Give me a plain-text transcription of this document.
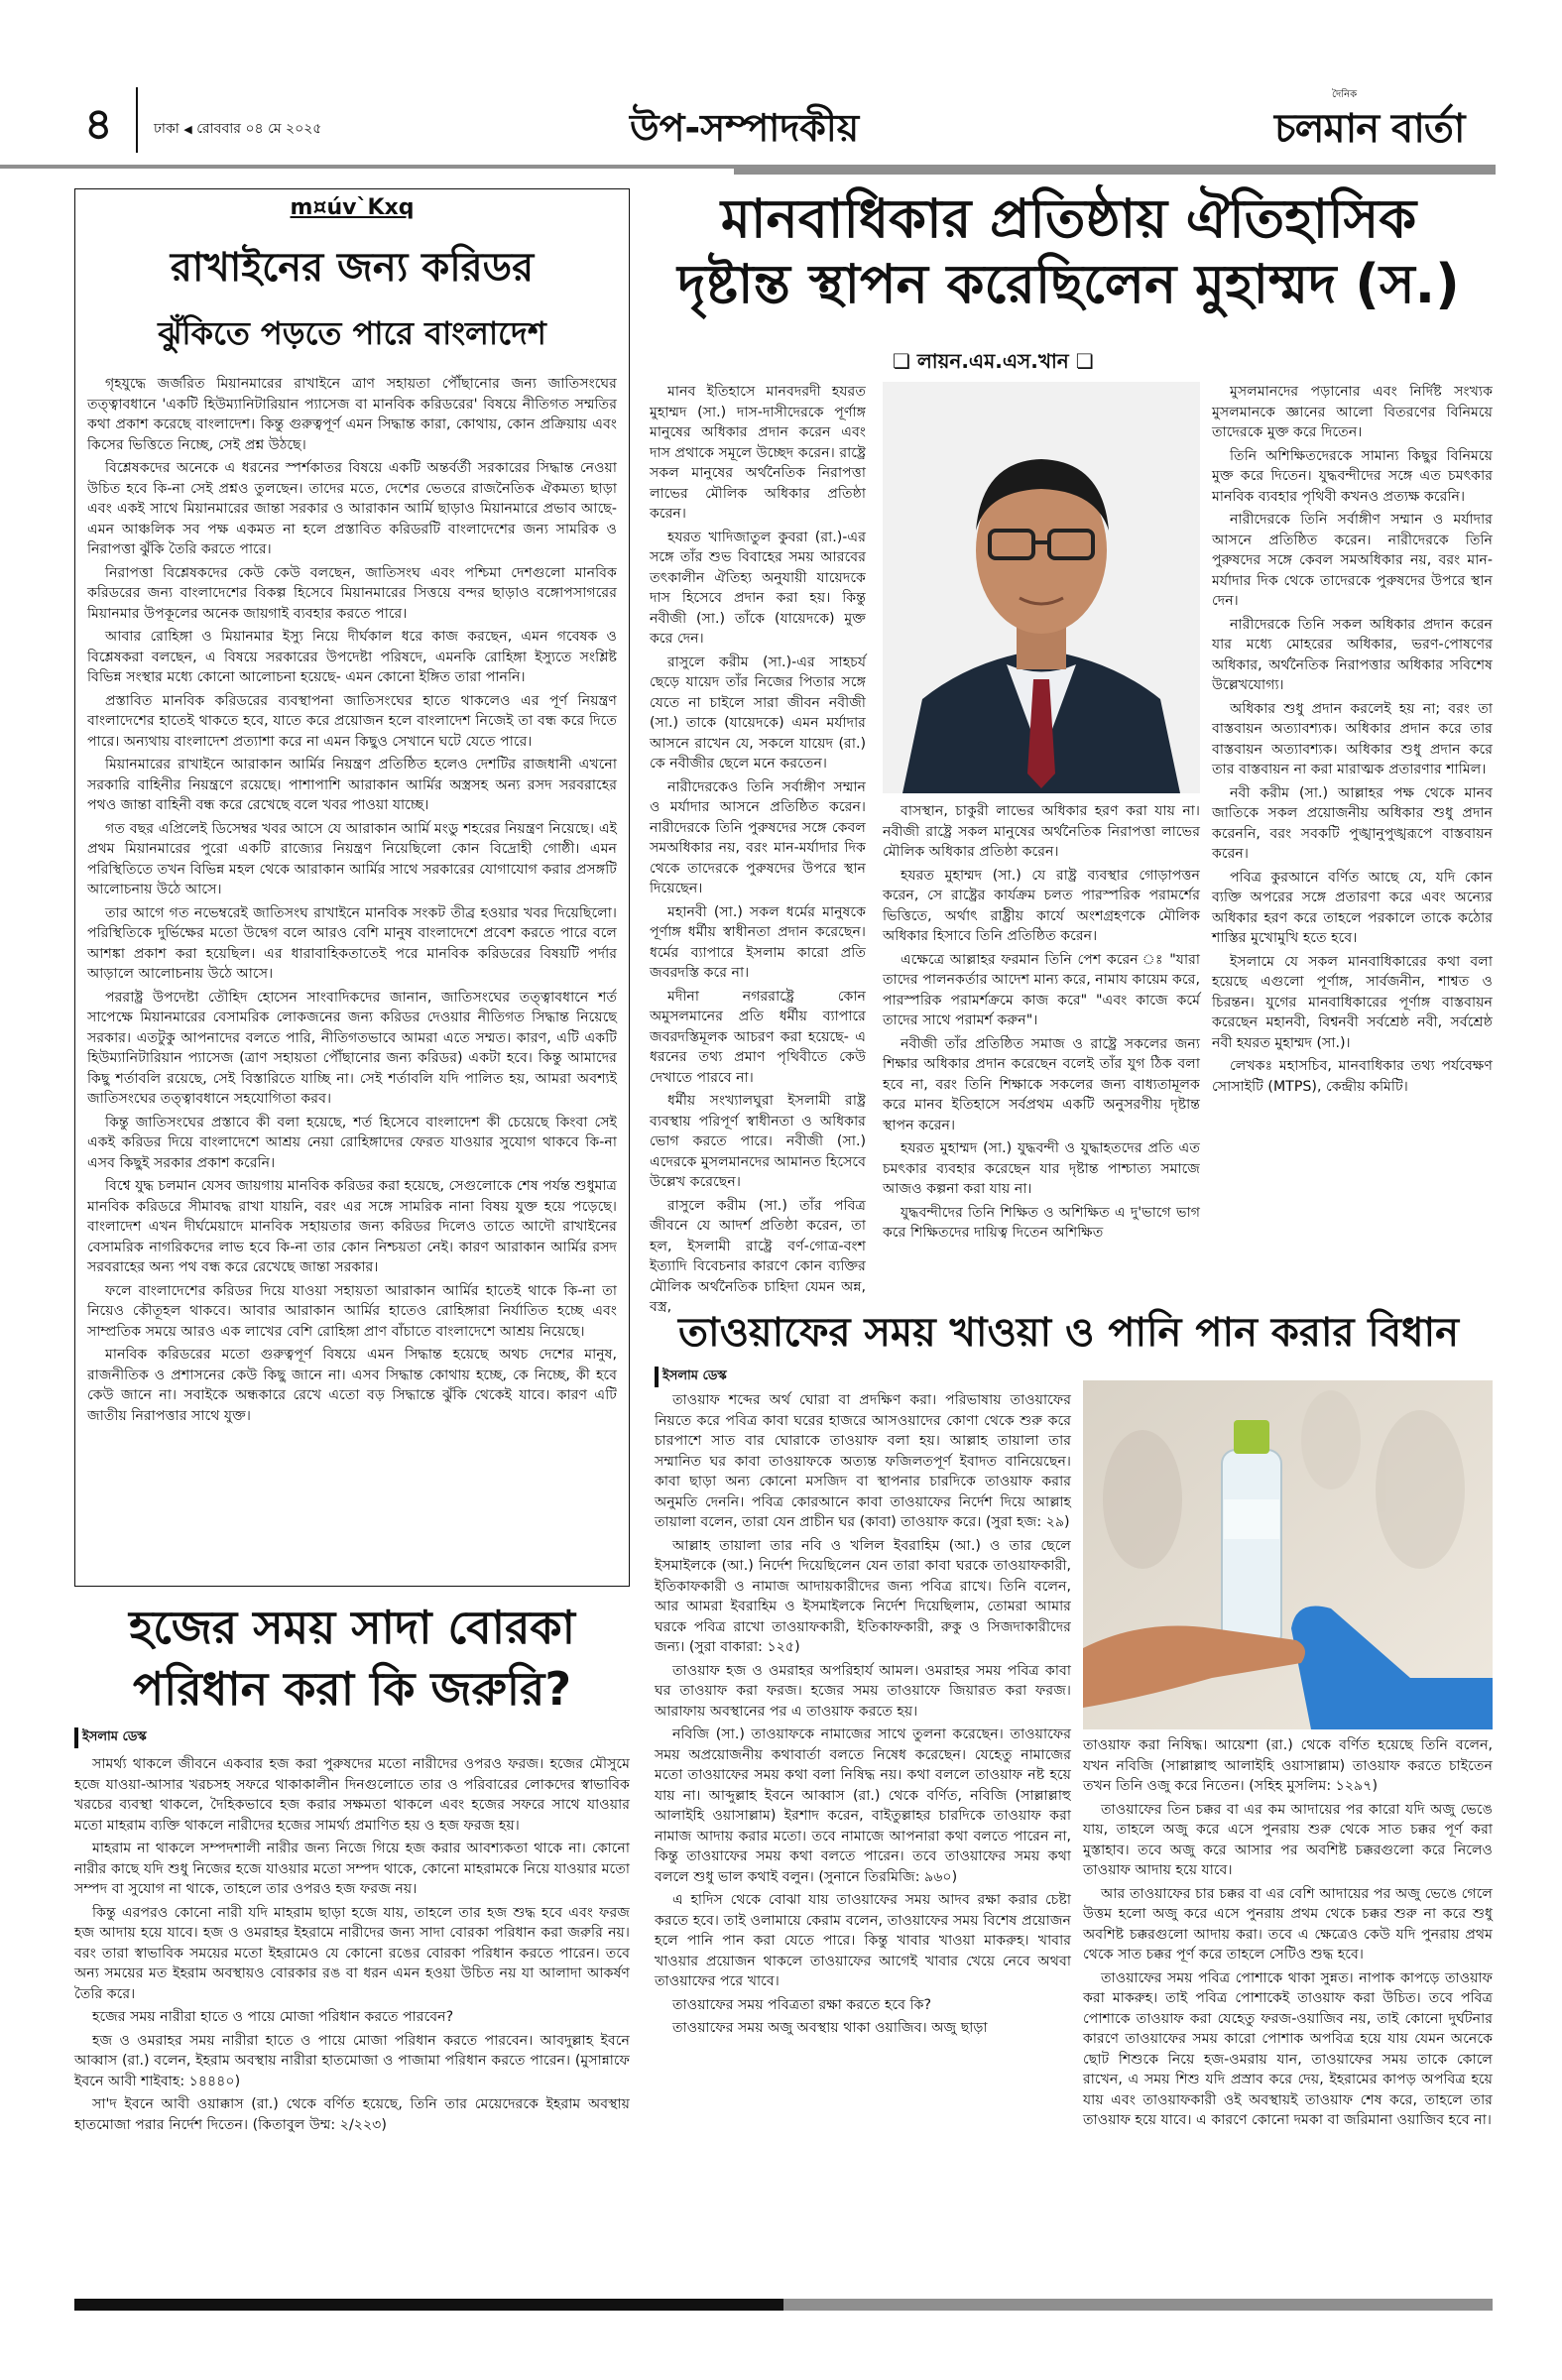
৪	ঢাকা ◀ রোববার ০৪ মে ২০২৫	উপ-সম্পাদকীয়
দৈনিক
চলমান বার্তা
m¤úv`Kxq
রাখাইনের জন্য করিডর
ঝুঁকিতে পড়তে পারে বাংলাদেশ

গৃহযুদ্ধে জর্জরিত মিয়ানমারের রাখাইনে ত্রাণ সহায়তা পৌঁছানোর জন্য জাতিসংঘের তত্ত্বাবধানে 'একটি হিউম্যানিটারিয়ান প্যাসেজ বা মানবিক করিডরের' বিষয়ে নীতিগত সম্মতির কথা প্রকাশ করেছে বাংলাদেশ। কিন্তু গুরুত্বপূর্ণ এমন সিদ্ধান্ত কারা, কোথায়, কোন প্রক্রিয়ায় এবং কিসের ভিত্তিতে নিচ্ছে, সেই প্রশ্ন উঠছে।

বিশ্লেষকদের অনেকে এ ধরনের স্পর্শকাতর বিষয়ে একটি অন্তর্বর্তী সরকারের সিদ্ধান্ত নেওয়া উচিত হবে কি-না সেই প্রশ্নও তুলছেন। তাদের মতে, দেশের ভেতরে রাজনৈতিক ঐকমত্য ছাড়া এবং একই সাথে মিয়ানমারের জান্তা সরকার ও আরাকান আর্মি ছাড়াও মিয়ানমারে প্রভাব আছে- এমন আঞ্চলিক সব পক্ষ একমত না হলে প্রস্তাবিত করিডরটি বাংলাদেশের জন্য সামরিক ও নিরাপত্তা ঝুঁকি তৈরি করতে পারে।

নিরাপত্তা বিশ্লেষকদের কেউ কেউ বলছেন, জাতিসংঘ এবং পশ্চিমা দেশগুলো মানবিক করিডরের জন্য বাংলাদেশের বিকল্প হিসেবে মিয়ানমারের সিত্তয়ে বন্দর ছাড়াও বঙ্গোপসাগরের মিয়ানমার উপকূলের অনেক জায়গাই ব্যবহার করতে পারে।

আবার রোহিঙ্গা ও মিয়ানমার ইস্যু নিয়ে দীর্ঘকাল ধরে কাজ করছেন, এমন গবেষক ও বিশ্লেষকরা বলছেন, এ বিষয়ে সরকারের উপদেষ্টা পরিষদে, এমনকি রোহিঙ্গা ইস্যুতে সংশ্লিষ্ট বিভিন্ন সংস্থার মধ্যে কোনো আলোচনা হয়েছে- এমন কোনো ইঙ্গিত তারা পাননি।

প্রস্তাবিত মানবিক করিডরের ব্যবস্থাপনা জাতিসংঘের হাতে থাকলেও এর পূর্ণ নিয়ন্ত্রণ বাংলাদেশের হাতেই থাকতে হবে, যাতে করে প্রয়োজন হলে বাংলাদেশ নিজেই তা বন্ধ করে দিতে পারে। অন্যথায় বাংলাদেশ প্রত্যাশা করে না এমন কিছুও সেখানে ঘটে যেতে পারে।

মিয়ানমারের রাখাইনে আরাকান আর্মির নিয়ন্ত্রণ প্রতিষ্ঠিত হলেও দেশটির রাজধানী এখনো সরকারি বাহিনীর নিয়ন্ত্রণে রয়েছে। পাশাপাশি আরাকান আর্মির অস্ত্রসহ অন্য রসদ সরবরাহের পথও জান্তা বাহিনী বন্ধ করে রেখেছে বলে খবর পাওয়া যাচ্ছে।

গত বছর এপ্রিলেই ডিসেম্বর খবর আসে যে আরাকান আর্মি মংডু শহরের নিয়ন্ত্রণ নিয়েছে। এই প্রথম মিয়ানমারের পুরো একটি রাজ্যের নিয়ন্ত্রণ নিয়েছিলো কোন বিদ্রোহী গোষ্ঠী। এমন পরিস্থিতিতে তখন বিভিন্ন মহল থেকে আরাকান আর্মির সাথে সরকারের যোগাযোগ করার প্রসঙ্গটি আলোচনায় উঠে আসে।

তার আগে গত নভেম্বরেই জাতিসংঘ রাখাইনে মানবিক সংকট তীব্র হওয়ার খবর দিয়েছিলো। পরিস্থিতিকে দুর্ভিক্ষের মতো উদ্বেগ বলে আরও বেশি মানুষ বাংলাদেশে প্রবেশ করতে পারে বলে আশঙ্কা প্রকাশ করা হয়েছিল। এর ধারাবাহিকতাতেই পরে মানবিক করিডরের বিষয়টি পর্দার আড়ালে আলোচনায় উঠে আসে।

পররাষ্ট্র উপদেষ্টা তৌহিদ হোসেন সাংবাদিকদের জানান, জাতিসংঘের তত্ত্বাবধানে শর্ত সাপেক্ষে মিয়ানমারের বেসামরিক লোকজনের জন্য করিডর দেওয়ার নীতিগত সিদ্ধান্ত নিয়েছে সরকার। এতটুকু আপনাদের বলতে পারি, নীতিগতভাবে আমরা এতে সম্মত। কারণ, এটি একটি হিউম্যানিটারিয়ান প্যাসেজ (ত্রাণ সহায়তা পৌঁছানোর জন্য করিডর) একটা হবে। কিন্তু আমাদের কিছু শর্তাবলি রয়েছে, সেই বিস্তারিতে যাচ্ছি না। সেই শর্তাবলি যদি পালিত হয়, আমরা অবশ্যই জাতিসংঘের তত্ত্বাবধানে সহযোগিতা করব।

কিন্তু জাতিসংঘের প্রস্তাবে কী বলা হয়েছে, শর্ত হিসেবে বাংলাদেশ কী চেয়েছে কিংবা সেই একই করিডর দিয়ে বাংলাদেশে আশ্রয় নেয়া রোহিঙ্গাদের ফেরত যাওয়ার সুযোগ থাকবে কি-না এসব কিছুই সরকার প্রকাশ করেনি।

বিশ্বে যুদ্ধ চলমান যেসব জায়গায় মানবিক করিডর করা হয়েছে, সেগুলোকে শেষ পর্যন্ত শুধুমাত্র মানবিক করিডরে সীমাবদ্ধ রাখা যায়নি, বরং এর সঙ্গে সামরিক নানা বিষয় যুক্ত হয়ে পড়েছে। বাংলাদেশ এখন দীর্ঘমেয়াদে মানবিক সহায়তার জন্য করিডর দিলেও তাতে আদৌ রাখাইনের বেসামরিক নাগরিকদের লাভ হবে কি-না তার কোন নিশ্চয়তা নেই। কারণ আরাকান আর্মির রসদ সরবরাহের অন্য পথ বন্ধ করে রেখেছে জান্তা সরকার।

ফলে বাংলাদেশের করিডর দিয়ে যাওয়া সহায়তা আরাকান আর্মির হাতেই থাকে কি-না তা নিয়েও কৌতূহল থাকবে। আবার আরাকান আর্মির হাতেও রোহিঙ্গারা নির্যাতিত হচ্ছে এবং সাম্প্রতিক সময়ে আরও এক লাখের বেশি রোহিঙ্গা প্রাণ বাঁচাতে বাংলাদেশে আশ্রয় নিয়েছে।

মানবিক করিডরের মতো গুরুত্বপূর্ণ বিষয়ে এমন সিদ্ধান্ত হয়েছে অথচ দেশের মানুষ, রাজনীতিক ও প্রশাসনের কেউ কিছু জানে না। এসব সিদ্ধান্ত কোথায় হচ্ছে, কে নিচ্ছে, কী হবে কেউ জানে না। সবাইকে অন্ধকারে রেখে এতো বড় সিদ্ধান্তে ঝুঁকি থেকেই যাবে। কারণ এটি জাতীয় নিরাপত্তার সাথে যুক্ত।

মানবাধিকার প্রতিষ্ঠায় ঐতিহাসিক
দৃষ্টান্ত স্থাপন করেছিলেন মুহাম্মদ (স.)
❏ লায়ন.এম.এস.খান ❏

মানব ইতিহাসে মানবদরদী হযরত মুহাম্মদ (সা.) দাস-দাসীদেরকে পূর্ণাঙ্গ মানুষের অধিকার প্রদান করেন এবং দাস প্রথাকে সমূলে উচ্ছেদ করেন। রাষ্ট্রে সকল মানুষের অর্থনৈতিক নিরাপত্তা লাভের মৌলিক অধিকার প্রতিষ্ঠা করেন।

হযরত খাদিজাতুল কুবরা (রা.)-এর সঙ্গে তাঁর শুভ বিবাহের সময় আরবের তৎকালীন ঐতিহ্য অনুযায়ী যায়েদকে দাস হিসেবে প্রদান করা হয়। কিন্তু নবীজী (সা.) তাঁকে (যায়েদকে) মুক্ত করে দেন।

রাসুলে করীম (সা.)-এর সাহচর্য ছেড়ে যায়েদ তাঁর নিজের পিতার সঙ্গে যেতে না চাইলে সারা জীবন নবীজী (সা.) তাকে (যায়েদকে) এমন মর্যাদার আসনে রাখেন যে, সকলে যায়েদ (রা.) কে নবীজীর ছেলে মনে করতেন।

নারীদেরকেও তিনি সর্বাঙ্গীণ সম্মান ও মর্যাদার আসনে প্রতিষ্ঠিত করেন। নারীদেরকে তিনি পুরুষদের সঙ্গে কেবল সমঅধিকার নয়, বরং মান-মর্যাদার দিক থেকে তাদেরকে পুরুষদের উপরে স্থান দিয়েছেন।

মহানবী (সা.) সকল ধর্মের মানুষকে পূর্ণাঙ্গ ধর্মীয় স্বাধীনতা প্রদান করেছেন। ধর্মের ব্যাপারে ইসলাম কারো প্রতি জবরদস্তি করে না।

মদীনা নগররাষ্ট্রে কোন অমুসলমানের প্রতি ধর্মীয় ব্যাপারে জবরদস্তিমূলক আচরণ করা হয়েছে- এ ধরনের তথ্য প্রমাণ পৃথিবীতে কেউ দেখাতে পারবে না।

ধর্মীয় সংখ্যালঘুরা ইসলামী রাষ্ট্র ব্যবস্থায় পরিপূর্ণ স্বাধীনতা ও অধিকার ভোগ করতে পারে। নবীজী (সা.) এদেরকে মুসলমানদের আমানত হিসেবে উল্লেখ করেছেন।

রাসুলে করীম (সা.) তাঁর পবিত্র জীবনে যে আদর্শ প্রতিষ্ঠা করেন, তা হল, ইসলামী রাষ্ট্রে বর্ণ-গোত্র-বংশ ইত্যাদি বিবেচনার কারণে কোন ব্যক্তির মৌলিক অর্থনৈতিক চাহিদা যেমন অন্ন, বস্ত্র,

বাসস্থান, চাকুরী লাভের অধিকার হরণ করা যায় না। নবীজী রাষ্ট্রে সকল মানুষের অর্থনৈতিক নিরাপত্তা লাভের মৌলিক অধিকার প্রতিষ্ঠা করেন।

হযরত মুহাম্মদ (সা.) যে রাষ্ট্র ব্যবস্থার গোড়াপত্তন করেন, সে রাষ্ট্রের কার্যক্রম চলত পারস্পরিক পরামর্শের ভিত্তিতে, অর্থাৎ রাষ্ট্রীয় কার্যে অংশগ্রহণকে মৌলিক অধিকার হিসাবে তিনি প্রতিষ্ঠিত করেন।

এক্ষেত্রে আল্লাহর ফরমান তিনি পেশ করেন ঃ "যারা তাদের পালনকর্তার আদেশ মান্য করে, নামায কায়েম করে, পারস্পরিক পরামর্শক্রমে কাজ করে" "এবং কাজে কর্মে তাদের সাথে পরামর্শ করুন"।

নবীজী তাঁর প্রতিষ্ঠিত সমাজ ও রাষ্ট্রে সকলের জন্য শিক্ষার অধিকার প্রদান করেছেন বলেই তাঁর যুগ ঠিক বলা হবে না, বরং তিনি শিক্ষাকে সকলের জন্য বাধ্যতামূলক করে মানব ইতিহাসে সর্বপ্রথম একটি অনুসরণীয় দৃষ্টান্ত স্থাপন করেন।

হযরত মুহাম্মদ (সা.) যুদ্ধবন্দী ও যুদ্ধাহতদের প্রতি এত চমৎকার ব্যবহার করেছেন যার দৃষ্টান্ত পাশ্চাত্য সমাজে আজও কল্পনা করা যায় না।

যুদ্ধবন্দীদের তিনি শিক্ষিত ও অশিক্ষিত এ দু'ভাগে ভাগ করে শিক্ষিতদের দায়িত্ব দিতেন অশিক্ষিত

মুসলমানদের পড়ানোর এবং নির্দিষ্ট সংখ্যক মুসলমানকে জ্ঞানের আলো বিতরণের বিনিময়ে তাদেরকে মুক্ত করে দিতেন।

তিনি অশিক্ষিতদেরকে সামান্য কিছুর বিনিময়ে মুক্ত করে দিতেন। যুদ্ধবন্দীদের সঙ্গে এত চমৎকার মানবিক ব্যবহার পৃথিবী কখনও প্রত্যক্ষ করেনি।

নারীদেরকে তিনি সর্বাঙ্গীণ সম্মান ও মর্যাদার আসনে প্রতিষ্ঠিত করেন। নারীদেরকে তিনি পুরুষদের সঙ্গে কেবল সমঅধিকার নয়, বরং মান-মর্যাদার দিক থেকে তাদেরকে পুরুষদের উপরে স্থান দেন।

নারীদেরকে তিনি সকল অধিকার প্রদান করেন যার মধ্যে মোহরের অধিকার, ভরণ-পোষণের অধিকার, অর্থনৈতিক নিরাপত্তার অধিকার সবিশেষ উল্লেখযোগ্য।

অধিকার শুধু প্রদান করলেই হয় না; বরং তা বাস্তবায়ন অত্যাবশ্যক। অধিকার প্রদান করে তার বাস্তবায়ন অত্যাবশ্যক। অধিকার শুধু প্রদান করে তার বাস্তবায়ন না করা মারাত্মক প্রতারণার শামিল।

নবী করীম (সা.) আল্লাহর পক্ষ থেকে মানব জাতিকে সকল প্রয়োজনীয় অধিকার শুধু প্রদান করেননি, বরং সবকটি পুঙ্খানুপুঙ্খরূপে বাস্তবায়ন করেন।

পবিত্র কুরআনে বর্ণিত আছে যে, যদি কোন ব্যক্তি অপরের সঙ্গে প্রতারণা করে এবং অন্যের অধিকার হরণ করে তাহলে পরকালে তাকে কঠোর শাস্তির মুখোমুখি হতে হবে।

ইসলামে যে সকল মানবাধিকারের কথা বলা হয়েছে এগুলো পূর্ণাঙ্গ, সার্বজনীন, শাশ্বত ও চিরন্তন। যুগের মানবাধিকারের পূর্ণাঙ্গ বাস্তবায়ন করেছেন মহানবী, বিশ্বনবী সর্বশ্রেষ্ঠ নবী, সর্বশ্রেষ্ঠ নবী হযরত মুহাম্মদ (সা.)।

লেখকঃ মহাসচিব, মানবাধিকার তথ্য পর্যবেক্ষণ সোসাইটি (MTPS), কেন্দ্রীয় কমিটি।

হজের সময় সাদা বোরকা
পরিধান করা কি জরুরি?
ইসলাম ডেস্ক

সামর্থ্য থাকলে জীবনে একবার হজ করা পুরুষদের মতো নারীদের ওপরও ফরজ। হজের মৌসুমে হজে যাওয়া-আসার খরচসহ সফরে থাকাকালীন দিনগুলোতে তার ও পরিবারের লোকদের স্বাভাবিক খরচের ব্যবস্থা থাকলে, দৈহিকভাবে হজ করার সক্ষমতা থাকলে এবং হজের সফরে সাথে যাওয়ার মতো মাহরাম ব্যক্তি থাকলে নারীদের হজের সামর্থ্য প্রমাণিত হয় ও হজ ফরজ হয়।

মাহরাম না থাকলে সম্পদশালী নারীর জন্য নিজে গিয়ে হজ করার আবশ্যকতা থাকে না। কোনো নারীর কাছে যদি শুধু নিজের হজে যাওয়ার মতো সম্পদ থাকে, কোনো মাহরামকে নিয়ে যাওয়ার মতো সম্পদ বা সুযোগ না থাকে, তাহলে তার ওপরও হজ ফরজ নয়।

কিন্তু এরপরও কোনো নারী যদি মাহরাম ছাড়া হজে যায়, তাহলে তার হজ শুদ্ধ হবে এবং ফরজ হজ আদায় হয়ে যাবে। হজ ও ওমরাহর ইহরামে নারীদের জন্য সাদা বোরকা পরিধান করা জরুরি নয়। বরং তারা স্বাভাবিক সময়ের মতো ইহরামেও যে কোনো রঙের বোরকা পরিধান করতে পারেন। তবে অন্য সময়ের মত ইহরাম অবস্থায়ও বোরকার রঙ বা ধরন এমন হওয়া উচিত নয় যা আলাদা আকর্ষণ তৈরি করে।

হজের সময় নারীরা হাতে ও পায়ে মোজা পরিধান করতে পারবেন?

হজ ও ওমরাহর সময় নারীরা হাতে ও পায়ে মোজা পরিধান করতে পারবেন। আবদুল্লাহ ইবনে আব্বাস (রা.) বলেন, ইহরাম অবস্থায় নারীরা হাতমোজা ও পাজামা পরিধান করতে পারেন। (মুসান্নাফে ইবনে আবী শাইবাহ: ১৪৪৪০)

সা'দ ইবনে আবী ওয়াক্কাস (রা.) থেকে বর্ণিত হয়েছে, তিনি তার মেয়েদেরকে ইহরাম অবস্থায় হাতমোজা পরার নির্দেশ দিতেন। (কিতাবুল উম্ম: ২/২২৩)

তাওয়াফের সময় খাওয়া ও পানি পান করার বিধান
ইসলাম ডেস্ক

তাওয়াফ শব্দের অর্থ ঘোরা বা প্রদক্ষিণ করা। পরিভাষায় তাওয়াফের নিয়তে করে পবিত্র কাবা ঘরের হাজরে আসওয়াদের কোণা থেকে শুরু করে চারপাশে সাত বার ঘোরাকে তাওয়াফ বলা হয়। আল্লাহ তায়ালা তার সম্মানিত ঘর কাবা তাওয়াফকে অত্যন্ত ফজিলতপূর্ণ ইবাদত বানিয়েছেন। কাবা ছাড়া অন্য কোনো মসজিদ বা স্থাপনার চারদিকে তাওয়াফ করার অনুমতি দেননি। পবিত্র কোরআনে কাবা তাওয়াফের নির্দেশ দিয়ে আল্লাহ তায়ালা বলেন, তারা যেন প্রাচীন ঘর (কাবা) তাওয়াফ করে। (সুরা হজ: ২৯)

আল্লাহ তায়ালা তার নবি ও খলিল ইবরাহিম (আ.) ও তার ছেলে ইসমাইলকে (আ.) নির্দেশ দিয়েছিলেন যেন তারা কাবা ঘরকে তাওয়াফকারী, ইতিকাফকারী ও নামাজ আদায়কারীদের জন্য পবিত্র রাখে। তিনি বলেন, আর আমরা ইবরাহিম ও ইসমাইলকে নির্দেশ দিয়েছিলাম, তোমরা আমার ঘরকে পবিত্র রাখো তাওয়াফকারী, ইতিকাফকারী, রুকু ও সিজদাকারীদের জন্য। (সুরা বাকারা: ১২৫)

তাওয়াফ হজ ও ওমরাহর অপরিহার্য আমল। ওমরাহর সময় পবিত্র কাবা ঘর তাওয়াফ করা ফরজ। হজের সময় তাওয়াফে জিয়ারত করা ফরজ। আরাফায় অবস্থানের পর এ তাওয়াফ করতে হয়।

নবিজি (সা.) তাওয়াফকে নামাজের সাথে তুলনা করেছেন। তাওয়াফের সময় অপ্রয়োজনীয় কথাবার্তা বলতে নিষেধ করেছেন। যেহেতু নামাজের মতো তাওয়াফের সময় কথা বলা নিষিদ্ধ নয়। কথা বললে তাওয়াফ নষ্ট হয়ে যায় না। আব্দুল্লাহ ইবনে আব্বাস (রা.) থেকে বর্ণিত, নবিজি (সাল্লাল্লাহু আলাইহি ওয়াসাল্লাম) ইরশাদ করেন, বাইতুল্লাহর চারদিকে তাওয়াফ করা নামাজ আদায় করার মতো। তবে নামাজে আপনারা কথা বলতে পারেন না, কিন্তু তাওয়াফের সময় কথা বলতে পারেন। তবে তাওয়াফের সময় কথা বললে শুধু ভাল কথাই বলুন। (সুনানে তিরমিজি: ৯৬০)

এ হাদিস থেকে বোঝা যায় তাওয়াফের সময় আদব রক্ষা করার চেষ্টা করতে হবে। তাই ওলামায়ে কেরাম বলেন, তাওয়াফের সময় বিশেষ প্রয়োজন হলে পানি পান করা যেতে পারে। কিন্তু খাবার খাওয়া মাকরুহ। খাবার খাওয়ার প্রয়োজন থাকলে তাওয়াফের আগেই খাবার খেয়ে নেবে অথবা তাওয়াফের পরে খাবে।

তাওয়াফের সময় পবিত্রতা রক্ষা করতে হবে কি?

তাওয়াফের সময় অজু অবস্থায় থাকা ওয়াজিব। অজু ছাড়া

তাওয়াফ করা নিষিদ্ধ। আয়েশা (রা.) থেকে বর্ণিত হয়েছে তিনি বলেন, যখন নবিজি (সাল্লাল্লাহু আলাইহি ওয়াসাল্লাম) তাওয়াফ করতে চাইতেন তখন তিনি ওজু করে নিতেন। (সহিহ মুসলিম: ১২৯৭)

তাওয়াফের তিন চক্কর বা এর কম আদায়ের পর কারো যদি অজু ভেঙে যায়, তাহলে অজু করে এসে পুনরায় শুরু থেকে সাত চক্কর পূর্ণ করা মুস্তাহাব। তবে অজু করে আসার পর অবশিষ্ট চক্করগুলো করে নিলেও তাওয়াফ আদায় হয়ে যাবে।

আর তাওয়াফের চার চক্কর বা এর বেশি আদায়ের পর অজু ভেঙে গেলে উত্তম হলো অজু করে এসে পুনরায় প্রথম থেকে চক্কর শুরু না করে শুধু অবশিষ্ট চক্করগুলো আদায় করা। তবে এ ক্ষেত্রেও কেউ যদি পুনরায় প্রথম থেকে সাত চক্কর পূর্ণ করে তাহলে সেটিও শুদ্ধ হবে।

তাওয়াফের সময় পবিত্র পোশাকে থাকা সুন্নত। নাপাক কাপড়ে তাওয়াফ করা মাকরুহ। তাই পবিত্র পোশাকেই তাওয়াফ করা উচিত। তবে পবিত্র পোশাকে তাওয়াফ করা যেহেতু ফরজ-ওয়াজিব নয়, তাই কোনো দুর্ঘটনার কারণে তাওয়াফের সময় কারো পোশাক অপবিত্র হয়ে যায় যেমন অনেকে ছোট শিশুকে নিয়ে হজ-ওমরায় যান, তাওয়াফের সময় তাকে কোলে রাখেন, এ সময় শিশু যদি প্রস্রাব করে দেয়, ইহরামের কাপড় অপবিত্র হয়ে যায় এবং তাওয়াফকারী ওই অবস্থায়ই তাওয়াফ শেষ করে, তাহলে তার তাওয়াফ হয়ে যাবে। এ কারণে কোনো দমকা বা জরিমানা ওয়াজিব হবে না।
